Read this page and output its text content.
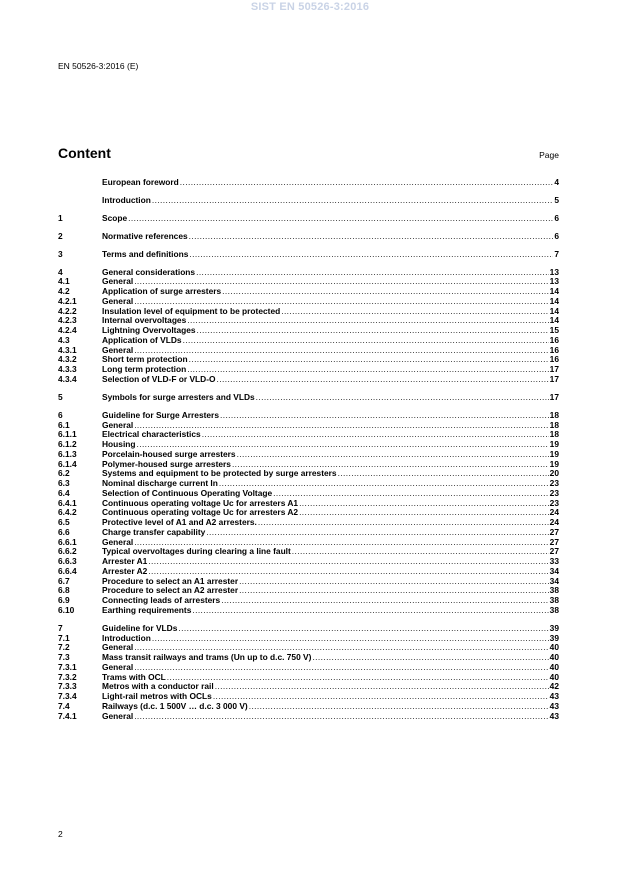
SIST EN 50526-3:2016
EN 50526-3:2016 (E)
Content	Page
European foreword .....	4
Introduction .....	5
1	Scope .....	6
2	Normative references .....	6
3	Terms and definitions .....	7
4	General considerations .....	13
4.1	General .....	13
4.2	Application of surge arresters .....	14
4.2.1	General .....	14
4.2.2	Insulation level of equipment to be protected .....	14
4.2.3	Internal overvoltages .....	14
4.2.4	Lightning Overvoltages .....	15
4.3	Application of VLDs .....	16
4.3.1	General .....	16
4.3.2	Short term protection .....	16
4.3.3	Long term protection .....	17
4.3.4	Selection of VLD-F or VLD-O .....	17
5	Symbols for surge arresters and VLDs .....	17
6	Guideline for Surge Arresters .....	18
6.1	General .....	18
6.1.1	Electrical characteristics .....	18
6.1.2	Housing .....	19
6.1.3	Porcelain-housed surge arresters .....	19
6.1.4	Polymer-housed surge arresters .....	19
6.2	Systems and equipment to be protected by surge arresters .....	20
6.3	Nominal discharge current In .....	23
6.4	Selection of Continuous Operating Voltage .....	23
6.4.1	Continuous operating voltage Uc for arresters A1 .....	23
6.4.2	Continuous operating voltage Uc for arresters A2 .....	24
6.5	Protective level of A1 and A2 arresters. .....	24
6.6	Charge transfer capability .....	27
6.6.1	General .....	27
6.6.2	Typical overvoltages during clearing a line fault .....	27
6.6.3	Arrester A1 .....	33
6.6.4	Arrester A2 .....	34
6.7	Procedure to select an A1 arrester .....	34
6.8	Procedure to select an A2 arrester .....	38
6.9	Connecting leads of arresters .....	38
6.10	Earthing requirements .....	38
7	Guideline for VLDs .....	39
7.1	Introduction .....	39
7.2	General .....	40
7.3	Mass transit railways and trams (Un up to d.c. 750 V) .....	40
7.3.1	General .....	40
7.3.2	Trams with OCL .....	40
7.3.3	Metros with a conductor rail .....	42
7.3.4	Light-rail metros with OCLs .....	43
7.4	Railways (d.c. 1 500V … d.c. 3 000 V) .....	43
7.4.1	General .....	43
2
